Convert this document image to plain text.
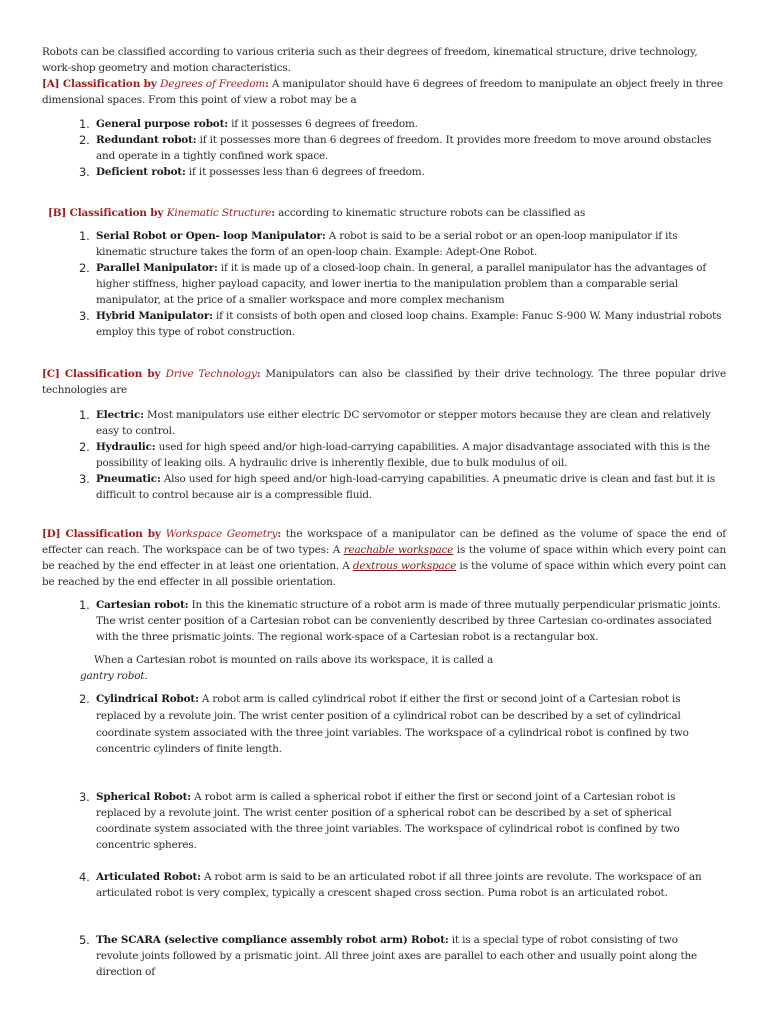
Robots can be classified according to various criteria such as their degrees of freedom, kinematical structure, drive technology, work-shop geometry and motion characteristics.

[A] Classification by Degrees of Freedom: A manipulator should have 6 degrees of freedom to manipulate an object freely in three dimensional spaces. From this point of view a robot may be a

1. General purpose robot: if it possesses 6 degrees of freedom.
2. Redundant robot: if it possesses more than 6 degrees of freedom. It provides more freedom to move around obstacles and operate in a tightly confined work space.
3. Deficient robot: if it possesses less than 6 degrees of freedom.

[B] Classification by Kinematic Structure: according to kinematic structure robots can be classified as

1. Serial Robot or Open- loop Manipulator: A robot is said to be a serial robot or an open-loop manipulator if its kinematic structure takes the form of an open-loop chain. Example: Adept-One Robot.
2. Parallel Manipulator: if it is made up of a closed-loop chain. In general, a parallel manipulator has the advantages of higher stiffness, higher payload capacity, and lower inertia to the manipulation problem than a comparable serial manipulator, at the price of a smaller workspace and more complex mechanism
3. Hybrid Manipulator: if it consists of both open and closed loop chains. Example: Fanuc S-900 W. Many industrial robots employ this type of robot construction.

[C] Classification by Drive Technology: Manipulators can also be classified by their drive technology. The three popular drive technologies are

1. Electric: Most manipulators use either electric DC servomotor or stepper motors because they are clean and relatively easy to control.
2. Hydraulic: used for high speed and/or high-load-carrying capabilities. A major disadvantage associated with this is the possibility of leaking oils. A hydraulic drive is inherently flexible, due to bulk modulus of oil.
3. Pneumatic: Also used for high speed and/or high-load-carrying capabilities. A pneumatic drive is clean and fast but it is difficult to control because air is a compressible fluid.

[D] Classification by Workspace Geometry: the workspace of a manipulator can be defined as the volume of space the end of effecter can reach. The workspace can be of two types: A reachable workspace is the volume of space within which every point can be reached by the end effecter in at least one orientation. A dextrous workspace is the volume of space within which every point can be reached by the end effecter in all possible orientation.

1. Cartesian robot: In this the kinematic structure of a robot arm is made of three mutually perpendicular prismatic joints. The wrist center position of a Cartesian robot can be conveniently described by three Cartesian co-ordinates associated with the three prismatic joints. The regional work-space of a Cartesian robot is a rectangular box.
When a Cartesian robot is mounted on rails above its workspace, it is called a
gantry robot.
2. Cylindrical Robot: A robot arm is called cylindrical robot if either the first or second joint of a Cartesian robot is replaced by a revolute join. The wrist center position of a cylindrical robot can be described by a set of cylindrical coordinate system associated with the three joint variables. The workspace of a cylindrical robot is confined by two concentric cylinders of finite length.
3. Spherical Robot: A robot arm is called a spherical robot if either the first or second joint of a Cartesian robot is replaced by a revolute joint. The wrist center position of a spherical robot can be described by a set of spherical coordinate system associated with the three joint variables. The workspace of cylindrical robot is confined by two concentric spheres.
4. Articulated Robot: A robot arm is said to be an articulated robot if all three joints are revolute. The workspace of an articulated robot is very complex, typically a crescent shaped cross section. Puma robot is an articulated robot.
5. The SCARA (selective compliance assembly robot arm) Robot: it is a special type of robot consisting of two revolute joints followed by a prismatic joint. All three joint axes are parallel to each other and usually point along the direction of
